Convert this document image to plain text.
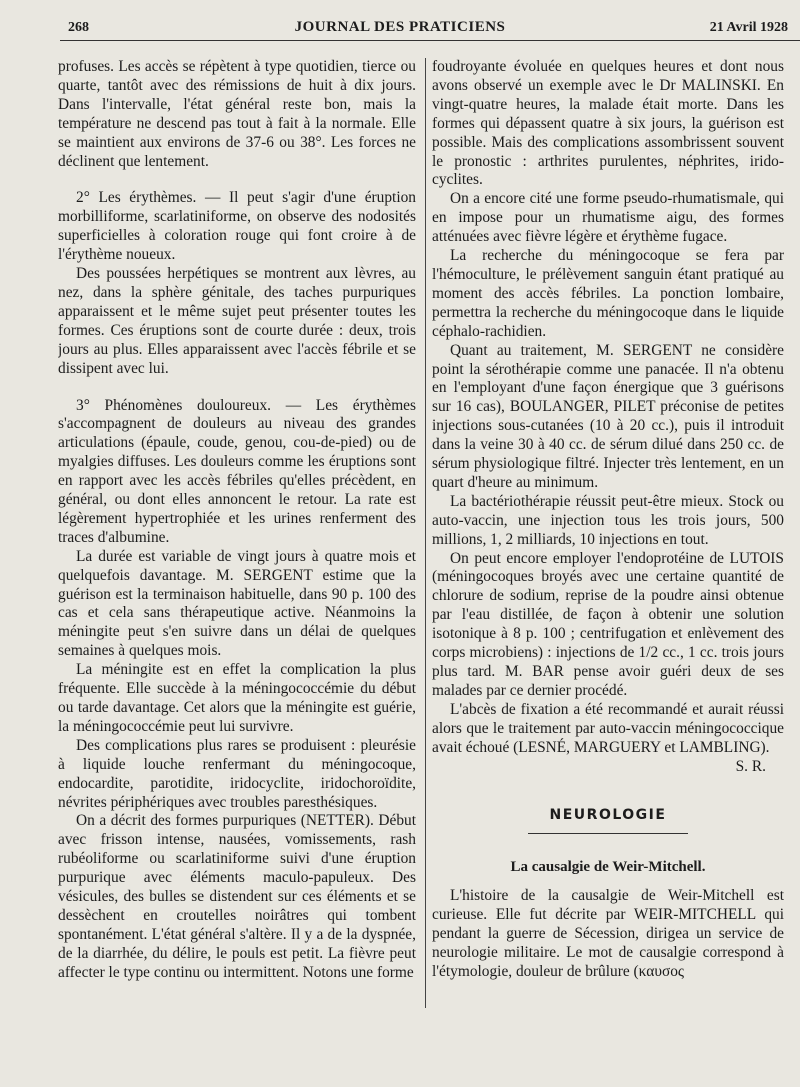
268	JOURNAL DES PRATICIENS	21 Avril 1928

profuses. Les accès se répètent à type quotidien, tierce ou quarte, tantôt avec des rémissions de huit à dix jours. Dans l'intervalle, l'état général reste bon, mais la température ne descend pas tout à fait à la normale. Elle se maintient aux environs de 37-6 ou 38°. Les forces ne déclinent que lentement.

2° Les érythèmes. — Il peut s'agir d'une éruption morbilliforme, scarlatiniforme, on observe des nodosités superficielles à coloration rouge qui font croire à de l'érythème noueux.

Des poussées herpétiques se montrent aux lèvres, au nez, dans la sphère génitale, des taches purpuriques apparaissent et le même sujet peut présenter toutes les formes. Ces éruptions sont de courte durée : deux, trois jours au plus. Elles apparaissent avec l'accès fébrile et se dissipent avec lui.

3° Phénomènes douloureux. — Les érythèmes s'accompagnent de douleurs au niveau des grandes articulations (épaule, coude, genou, cou-de-pied) ou de myalgies diffuses. Les douleurs comme les éruptions sont en rapport avec les accès fébriles qu'elles précèdent, en général, ou dont elles annoncent le retour. La rate est légèrement hypertrophiée et les urines renferment des traces d'albumine.

La durée est variable de vingt jours à quatre mois et quelquefois davantage. M. SERGENT estime que la guérison est la terminaison habituelle, dans 90 p. 100 des cas et cela sans thérapeutique active. Néanmoins la méningite peut s'en suivre dans un délai de quelques semaines à quelques mois.

La méningite est en effet la complication la plus fréquente. Elle succède à la méningococcémie du début ou tarde davantage. Cet alors que la méningite est guérie, la méningococcémie peut lui survivre.

Des complications plus rares se produisent : pleurésie à liquide louche renfermant du méningocoque, endocardite, parotidite, iridocyclite, iridochoroïdite, névrites périphériques avec troubles paresthésiques.

On a décrit des formes purpuriques (NETTER). Début avec frisson intense, nausées, vomissements, rash rubéoliforme ou scarlatiniforme suivi d'une éruption purpurique avec éléments maculo-papuleux. Des vésicules, des bulles se distendent sur ces éléments et se dessèchent en croutelles noirâtres qui tombent spontanément. L'état général s'altère. Il y a de la dyspnée, de la diarrhée, du délire, le pouls est petit. La fièvre peut affecter le type continu ou intermittent. Notons une forme

foudroyante évoluée en quelques heures et dont nous avons observé un exemple avec le Dr MALINSKI. En vingt-quatre heures, la malade était morte. Dans les formes qui dépassent quatre à six jours, la guérison est possible. Mais des complications assombrissent souvent le pronostic : arthrites purulentes, néphrites, irido-cyclites.

On a encore cité une forme pseudo-rhumatismale, qui en impose pour un rhumatisme aigu, des formes atténuées avec fièvre légère et érythème fugace.

La recherche du méningocoque se fera par l'hémoculture, le prélèvement sanguin étant pratiqué au moment des accès fébriles. La ponction lombaire, permettra la recherche du méningocoque dans le liquide céphalo-rachidien.

Quant au traitement, M. SERGENT ne considère point la sérothérapie comme une panacée. Il n'a obtenu en l'employant d'une façon énergique que 3 guérisons sur 16 cas), BOULANGER, PILET préconise de petites injections sous-cutanées (10 à 20 cc.), puis il introduit dans la veine 30 à 40 cc. de sérum dilué dans 250 cc. de sérum physiologique filtré. Injecter très lentement, en un quart d'heure au minimum.

La bactériothérapie réussit peut-être mieux. Stock ou auto-vaccin, une injection tous les trois jours, 500 millions, 1, 2 milliards, 10 injections en tout.

On peut encore employer l'endoprotéine de LUTOIS (méningocoques broyés avec une certaine quantité de chlorure de sodium, reprise de la poudre ainsi obtenue par l'eau distillée, de façon à obtenir une solution isotonique à 8 p. 100 ; centrifugation et enlèvement des corps microbiens) : injections de 1/2 cc., 1 cc. trois jours plus tard. M. BAR pense avoir guéri deux de ses malades par ce dernier procédé.

L'abcès de fixation a été recommandé et aurait réussi alors que le traitement par auto-vaccin méningococcique avait échoué (LESNÉ, MARGUERY et LAMBLING).

S. R.

NEUROLOGIE
La causalgie de Weir-Mitchell.

L'histoire de la causalgie de Weir-Mitchell est curieuse. Elle fut décrite par WEIR-MITCHELL qui pendant la guerre de Sécession, dirigea un service de neurologie militaire. Le mot de causalgie correspond à l'étymologie, douleur de brûlure (καυσος
